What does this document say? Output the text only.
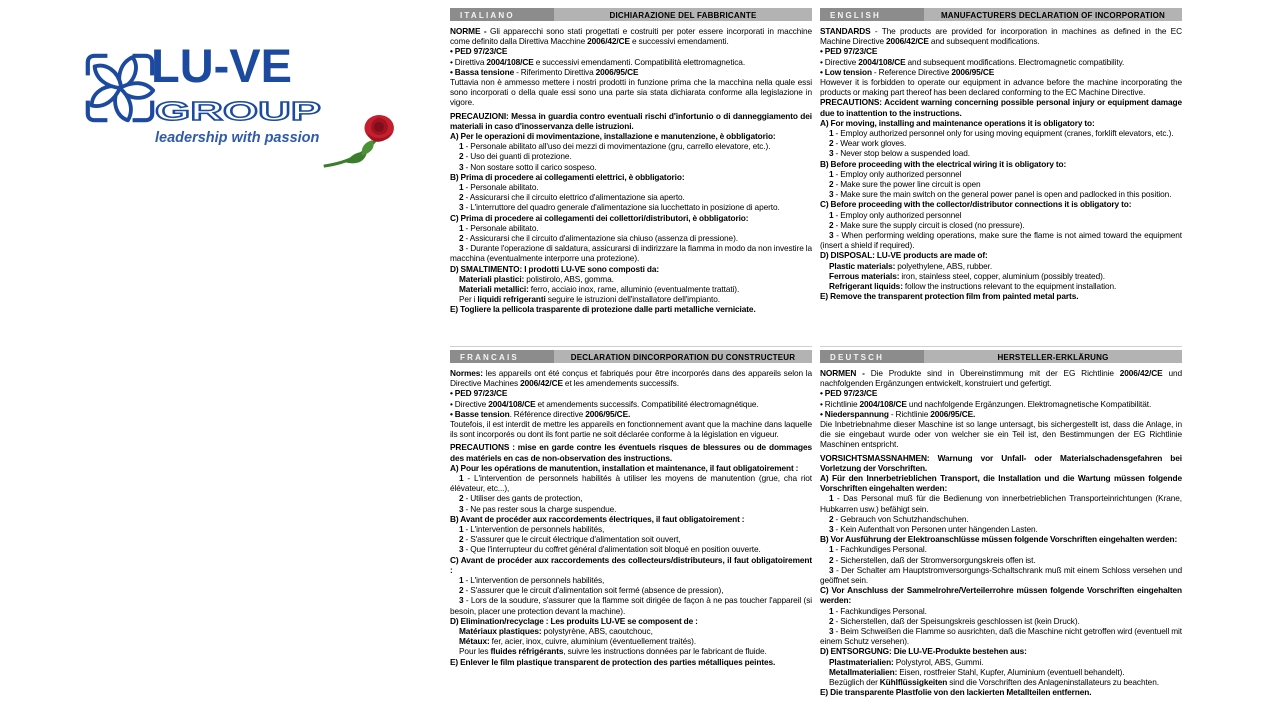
LU-VE
GROUP
leadership with passion
ITALIANO	DICHIARAZIONE DEL FABBRICANTE
NORME - Gli apparecchi sono stati progettati e costruiti per poter essere incorporati in macchine come definito dalla Direttiva Macchine 2006/42/CE e successivi emendamenti.
• PED 97/23/CE
• Direttiva 2004/108/CE e successivi emendamenti. Compatibilità elettromagnetica.
• Bassa tensione - Riferimento Direttiva 2006/95/CE
Tuttavia non è ammesso mettere i nostri prodotti in funzione prima che la macchina nella quale essi sono incorporati o della quale essi sono una parte sia stata dichiarata conforme alla legislazione in vigore.
PRECAUZIONI: Messa in guardia contro eventuali rischi d'infortunio o di danneggiamento dei materiali in caso d'inosservanza delle istruzioni.
A) Per le operazioni di movimentazione, installazione e manutenzione, è obbligatorio:
1 - Personale abilitato all'uso dei mezzi di movimentazione (gru, carrello elevatore, etc.).
2 - Uso dei guanti di protezione.
3 - Non sostare sotto il carico sospeso.
B) Prima di procedere ai collegamenti elettrici, è obbligatorio:
1 - Personale abilitato.
2 - Assicurarsi che il circuito elettrico d'alimentazione sia aperto.
3 - L'interruttore del quadro generale d'alimentazione sia lucchettato in posizione di aperto.
C) Prima di procedere ai collegamenti dei collettori/distributori, è obbligatorio:
1 - Personale abilitato.
2 - Assicurarsi che il circuito d'alimentazione sia chiuso (assenza di pressione).
3 - Durante l'operazione di saldatura, assicurarsi di indirizzare la fiamma in modo da non investire la macchina (eventualmente interporre una protezione).
D) SMALTIMENTO: I prodotti LU-VE sono composti da:
Materiali plastici: polistirolo, ABS, gomma.
Materiali metallici: ferro, acciaio inox, rame, alluminio (eventualmente trattati).
Per i liquidi refrigeranti seguire le istruzioni dell'installatore dell'impianto.
E) Togliere la pellicola trasparente di protezione dalle parti metalliche verniciate.
ENGLISH	MANUFACTURERS DECLARATION OF INCORPORATION
STANDARDS - The products are provided for incorporation in machines as defined in the EC Machine Directive 2006/42/CE and subsequent modifications.
• PED 97/23/CE
• Directive 2004/108/CE and subsequent modifications. Electromagnetic compatibility.
• Low tension - Reference Directive 2006/95/CE
However it is forbidden to operate our equipment in advance before the machine incorporating the products or making part thereof has been declared conforming to the EC Machine Directive.
PRECAUTIONS: Accident warning concerning possible personal injury or equipment damage due to inattention to the instructions.
A) For moving, installing and maintenance operations it is obligatory to:
1 - Employ authorized personnel only for using moving equipment (cranes, forklift elevators, etc.).
2 - Wear work gloves.
3 - Never stop below a suspended load.
B) Before proceeding with the electrical wiring it is obligatory to:
1 - Employ only authorized personnel
2 - Make sure the power line circuit is open
3 - Make sure the main switch on the general power panel is open and padlocked in this position.
C) Before proceeding with the collector/distributor connections it is obligatory to:
1 - Employ only authorized personnel
2 - Make sure the supply circuit is closed (no pressure).
3 - When performing welding operations, make sure the flame is not aimed toward the equipment (insert a shield if required).
D) DISPOSAL: LU-VE products are made of:
Plastic materials: polyethylene, ABS, rubber.
Ferrous materials: iron, stainless steel, copper, aluminium (possibly treated).
Refrigerant liquids: follow the instructions relevant to the equipment installation.
E) Remove the transparent protection film from painted metal parts.
FRANCAIS	DECLARATION DINCORPORATION DU CONSTRUCTEUR
Normes: les appareils ont été conçus et fabriqués pour être incorporés dans des appareils selon la Directive Machines 2006/42/CE et les amendements successifs.
• PED 97/23/CE
• Directive 2004/108/CE et amendements successifs. Compatibilité électromagnétique.
• Basse tension. Référence directive 2006/95/CE.
Toutefois, il est interdit de mettre les appareils en fonctionnement avant que la machine dans laquelle ils sont incorporés ou dont ils font partie ne soit déclarée conforme à la législation en vigueur.
PRECAUTIONS : mise en garde contre les éventuels risques de blessures ou de dommages des matériels en cas de non-observation des instructions.
A) Pour les opérations de manutention, installation et maintenance, il faut obligatoirement :
1 - L'intervention de personnels habilités à utiliser les moyens de manutention (grue, cha riot élévateur, etc...),
2 - Utiliser des gants de protection,
3 - Ne pas rester sous la charge suspendue.
B) Avant de procéder aux raccordements électriques, il faut obligatoirement :
1 - L'intervention de personnels habilités,
2 - S'assurer que le circuit électrique d'alimentation soit ouvert,
3 - Que l'interrupteur du coffret général d'alimentation soit bloqué en position ouverte.
C) Avant de procéder aux raccordements des collecteurs/distributeurs, il faut obligatoirement :
1 - L'intervention de personnels habilités,
2 - S'assurer que le circuit d'alimentation soit fermé (absence de pression),
3 - Lors de la soudure, s'assurer que la flamme soit dirigée de façon à ne pas toucher l'appareil (si besoin, placer une protection devant la machine).
D) Elimination/recyclage : Les produits LU-VE se composent de :
Matériaux plastiques: polystyrène, ABS, caoutchouc,
Métaux: fer, acier, inox, cuivre, aluminium (éventuellement traités).
Pour les fluides réfrigérants, suivre les instructions données par le fabricant de fluide.
E) Enlever le film plastique transparent de protection des parties métalliques peintes.
DEUTSCH	HERSTELLER-ERKLÄRUNG
NORMEN - Die Produkte sind in Übereinstimmung mit der EG Richtlinie 2006/42/CE und nachfolgenden Ergänzungen entwickelt, konstruiert und gefertigt.
• PED 97/23/CE
• Richtlinie 2004/108/CE und nachfolgende Ergänzungen. Elektromagnetische Kompatibilität.
• Niederspannung - Richtlinie 2006/95/CE.
Die Inbetriebnahme dieser Maschine ist so lange untersagt, bis sichergestellt ist, dass die Anlage, in die sie eingebaut wurde oder von welcher sie ein Teil ist, den Bestimmungen der EG Richtlinie Maschinen entspricht.
VORSICHTSMASSNAHMEN: Warnung vor Unfall- oder Materialschadensgefahren bei Vorletzung der Vorschriften.
A) Für den Innerbetrieblichen Transport, die Installation und die Wartung müssen folgende Vorschriften eingehalten werden:
1 - Das Personal muß für die Bedienung von innerbetrieblichen Transporteinrichtungen (Krane, Hubkarren usw.) befähigt sein.
2 - Gebrauch von Schutzhandschuhen.
3 - Kein Aufenthalt von Personen unter hängenden Lasten.
B) Vor Ausführung der Elektroanschlüsse müssen folgende Vorschriften eingehalten werden:
1 - Fachkundiges Personal.
2 - Sicherstellen, daß der Stromversorgungskreis offen ist.
3 - Der Schalter am Hauptstromversorgungs-Schaltschrank muß mit einem Schloss versehen und geöffnet sein.
C) Vor Anschluss der Sammelrohre/Verteilerrohre müssen folgende Vorschriften eingehalten werden:
1 - Fachkundiges Personal.
2 - Sicherstellen, daß der Speisungskreis geschlossen ist (kein Druck).
3 - Beim Schweißen die Flamme so ausrichten, daß die Maschine nicht getroffen wird (eventuell mit einem Schutz versehen).
D) ENTSORGUNG: Die LU-VE-Produkte bestehen aus:
Plastmaterialien: Polystyrol, ABS, Gummi.
Metallmaterialien: Eisen, rostfreier Stahl, Kupfer, Aluminium (eventuell behandelt).
Bezüglich der Kühlflüssigkeiten sind die Vorschriften des Anlageninstallateurs zu beachten.
E) Die transparente Plastfolie von den lackierten Metallteilen entfernen.
